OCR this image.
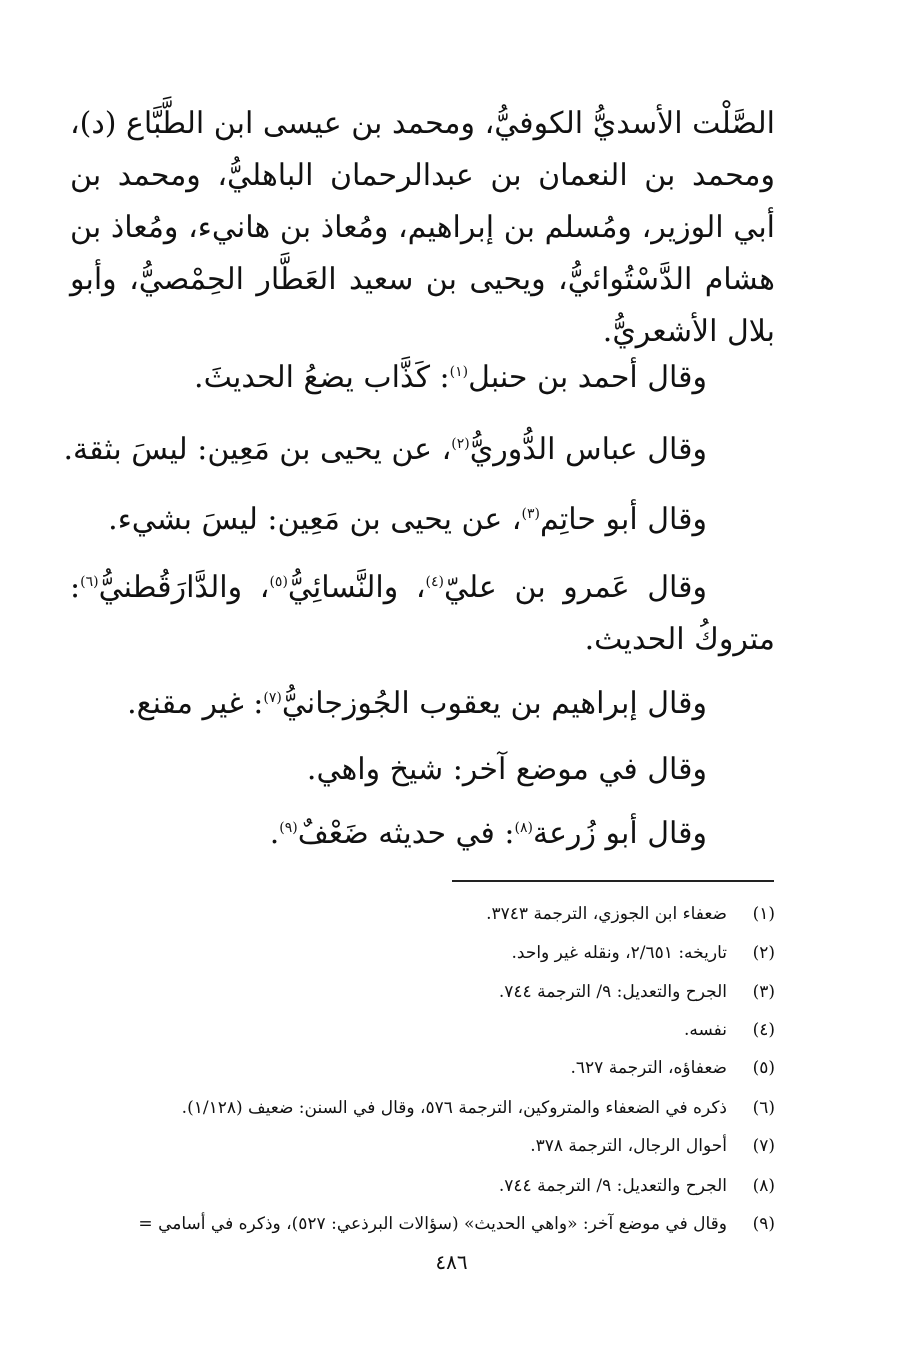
الصَّلْت الأسديُّ الكوفيُّ، ومحمد بن عيسى ابن الطَّبَّاع (د)، ومحمد بن النعمان بن عبدالرحمان الباهليُّ، ومحمد بن أبي الوزير، ومُسلم بن إبراهيم، ومُعاذ بن هانيء، ومُعاذ بن هشام الدَّسْتُوائيُّ، ويحيى بن سعيد العَطَّار الحِمْصيُّ، وأبو بلال الأشعريُّ.

وقال أحمد بن حنبل$^{(١)}$: كَذَّاب يضعُ الحديثَ.
وقال عباس الدُّوريُّ$^{(٢)}$، عن يحيى بن مَعِين: ليسَ بثقة.
وقال أبو حاتِم$^{(٣)}$، عن يحيى بن مَعِين: ليسَ بشيء.
وقال عَمرو بن عليّ$^{(٤)}$، والنَّسائِيُّ$^{(٥)}$، والدَّارَقُطنيُّ$^{(٦)}$: متروكُ الحديث.
وقال إبراهيم بن يعقوب الجُوزجانيُّ$^{(٧)}$: غير مقنع.
وقال في موضع آخر: شيخ واهي.
وقال أبو زُرعة$^{(٨)}$: في حديثه ضَعْفٌ$^{(٩)}$.
(١)ضعفاء ابن الجوزي، الترجمة ٣٧٤٣.
(٢)تاريخه: ٢/٦٥١، ونقله غير واحد.
(٣)الجرح والتعديل: ٩/ الترجمة ٧٤٤.
(٤)نفسه.
(٥)ضعفاؤه، الترجمة ٦٢٧.
(٦)ذكره في الضعفاء والمتروكين، الترجمة ٥٧٦، وقال في السنن: ضعيف (١/١٢٨).
(٧)أحوال الرجال، الترجمة ٣٧٨.
(٨)الجرح والتعديل: ٩/ الترجمة ٧٤٤.
(٩)وقال في موضع آخر: «واهي الحديث» (سؤالات البرذعي: ٥٢٧)، وذكره في أسامي =
٤٨٦
